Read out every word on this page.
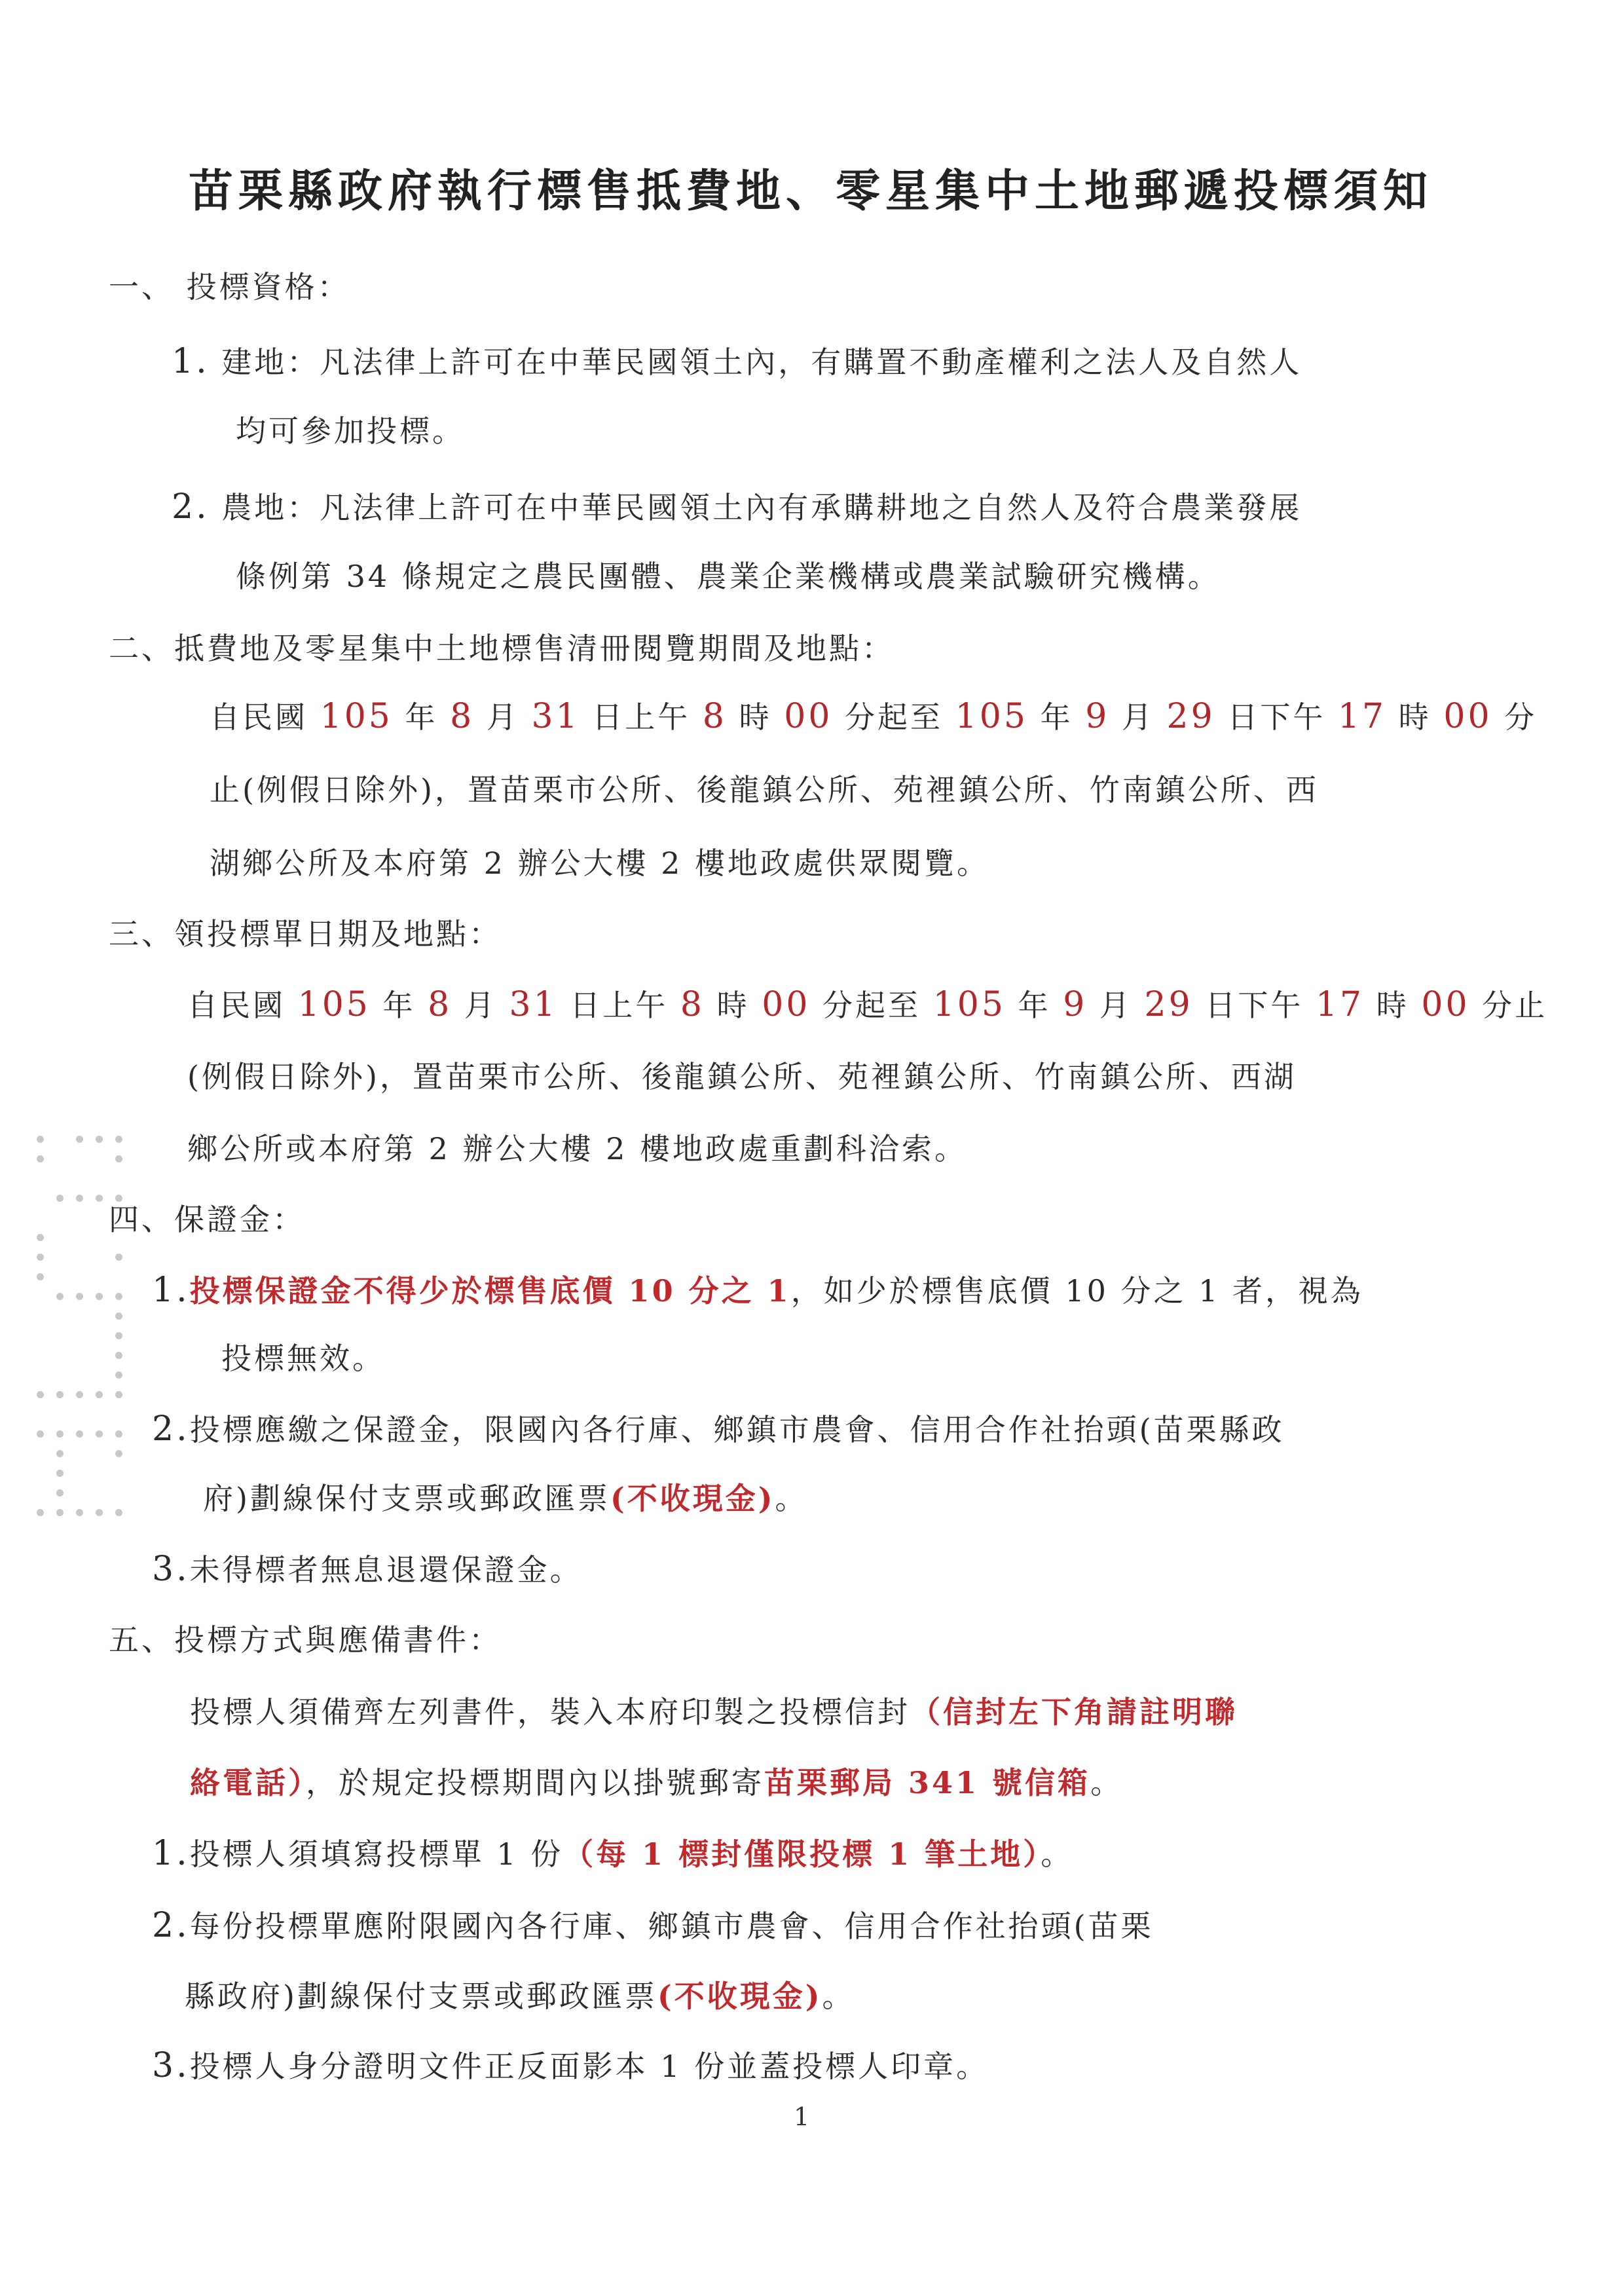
苗栗縣政府執行標售抵費地、零星集中土地郵遞投標須知
一、 投標資格：
1. 建地：凡法律上許可在中華民國領土內，有購置不動產權利之法人及自然人
均可參加投標。
2. 農地：凡法律上許可在中華民國領土內有承購耕地之自然人及符合農業發展
條例第 34 條規定之農民團體、農業企業機構或農業試驗研究機構。
二、抵費地及零星集中土地標售清冊閱覽期間及地點：
自民國 105 年 8 月 31 日上午 8 時 00 分起至 105 年 9 月 29 日下午 17 時 00 分
止(例假日除外)，置苗栗市公所、後龍鎮公所、苑裡鎮公所、竹南鎮公所、西
湖鄉公所及本府第 2 辦公大樓 2 樓地政處供眾閱覽。
三、領投標單日期及地點：
自民國 105 年 8 月 31 日上午 8 時 00 分起至 105 年 9 月 29 日下午 17 時 00 分止
(例假日除外)，置苗栗市公所、後龍鎮公所、苑裡鎮公所、竹南鎮公所、西湖
鄉公所或本府第 2 辦公大樓 2 樓地政處重劃科洽索。
四、保證金：
1.投標保證金不得少於標售底價 10 分之 1，如少於標售底價 10 分之 1 者，視為
投標無效。
2.投標應繳之保證金，限國內各行庫、鄉鎮市農會、信用合作社抬頭(苗栗縣政
府)劃線保付支票或郵政匯票(不收現金)。
3.未得標者無息退還保證金。
五、投標方式與應備書件：
投標人須備齊左列書件，裝入本府印製之投標信封（信封左下角請註明聯
絡電話），於規定投標期間內以掛號郵寄苗栗郵局 341 號信箱。
1.投標人須填寫投標單 1 份（每 1 標封僅限投標 1 筆土地）。
2.每份投標單應附限國內各行庫、鄉鎮市農會、信用合作社抬頭(苗栗
縣政府)劃線保付支票或郵政匯票(不收現金)。
3.投標人身分證明文件正反面影本 1 份並蓋投標人印章。
1
